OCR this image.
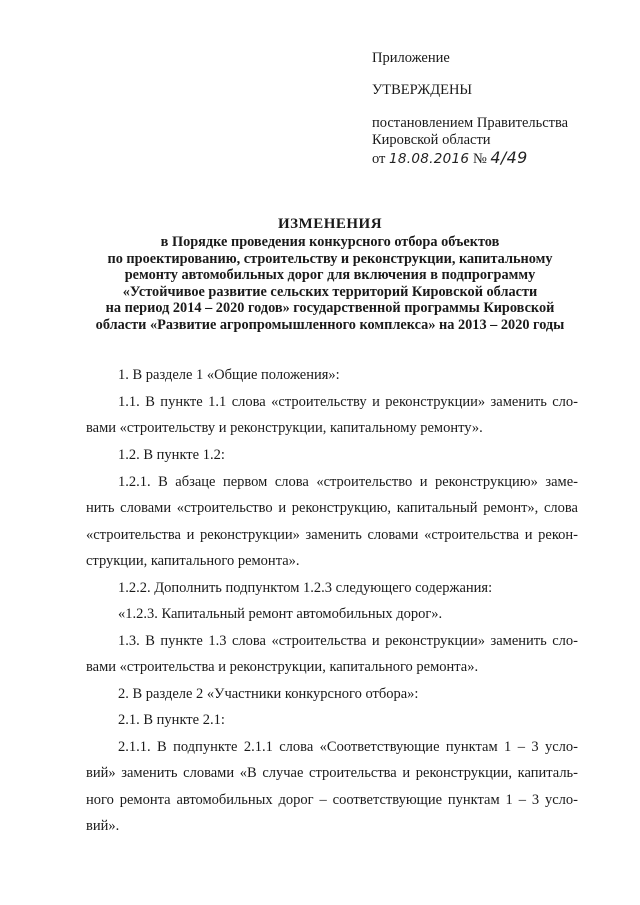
Приложение
УТВЕРЖДЕНЫ
постановлением Правительства
Кировской области
от 18.08.2016 № 4/49
ИЗМЕНЕНИЯ
в Порядке проведения конкурсного отбора объектов
по проектированию, строительству и реконструкции, капитальному
ремонту автомобильных дорог для включения в подпрограмму
«Устойчивое развитие сельских территорий Кировской области
на период 2014 – 2020 годов» государственной программы Кировской
области «Развитие агропромышленного комплекса» на 2013 – 2020 годы
1. В разделе 1 «Общие положения»:
1.1. В пункте 1.1 слова «строительству и реконструкции» заменить сло-
вами «строительству и реконструкции, капитальному ремонту».
1.2. В пункте 1.2:
1.2.1. В абзаце первом слова «строительство и реконструкцию» заме-
нить словами «строительство и реконструкцию, капитальный ремонт», слова
«строительства и реконструкции» заменить словами «строительства и рекон-
струкции, капитального ремонта».
1.2.2. Дополнить подпунктом 1.2.3 следующего содержания:
«1.2.3. Капитальный ремонт автомобильных дорог».
1.3. В пункте 1.3 слова «строительства и реконструкции» заменить сло-
вами «строительства и реконструкции, капитального ремонта».
2. В разделе 2 «Участники конкурсного отбора»:
2.1. В пункте 2.1:
2.1.1. В подпункте 2.1.1 слова «Соответствующие пунктам 1 – 3 усло-
вий» заменить словами «В случае строительства и реконструкции, капиталь-
ного ремонта автомобильных дорог – соответствующие пунктам 1 – 3 усло-
вий».
